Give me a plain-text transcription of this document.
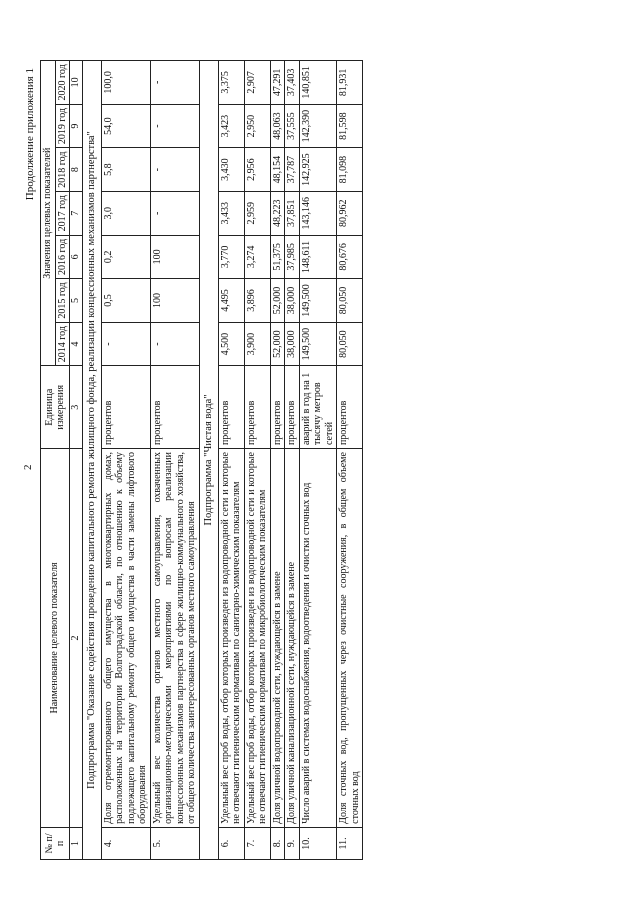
2
Продолжение приложения 1
№ п/п	Наименование целевого показателя	Единица измерения	Значения целевых показателей						
			2014 год	2015 год	2016 год	2017 год	2018 год	2019 год	2020 год
1	2	3	4	5	6	7	8	9	10
Подпрограмма "Оказание содействия проведению капитального ремонта жилищного фонда, реализации концессионных механизмов партнерства"									
4.	Доля отремонтированного общего имущества в многоквартирных домах, расположенных на территории Волгоградской области, по отношению к объему подлежащего капитальному ремонту общего имущества в части замены лифтового оборудования	процентов	-	0,5	0,2	3,0	5,8	54,0	100,0
5.	Удельный вес количества органов местного самоуправления, охваченных организационно-методическими мероприятиями по вопросам реализации концессионных механизмов партнерства в сфере жилищно-коммунального хозяйства, от общего количества заинтересованных органов местного самоуправления	процентов	-	100	100	-	-	-	-
Подпрограмма "Чистая вода"									
6.	Удельный вес проб воды, отбор которых произведен из водопроводной сети и которые не отвечают гигиеническим нормативам по санитарно-химическим показателям	процентов	4,500	4,495	3,770	3,433	3,430	3,423	3,375
7.	Удельный вес проб воды, отбор которых произведен из водопроводной сети и которые не отвечают гигиеническим нормативам по микробиологическим показателям	процентов	3,900	3,896	3,274	2,959	2,956	2,950	2,907
8.	Доля уличной водопроводной сети, нуждающейся в замене	процентов	52,000	52,000	51,375	48,223	48,154	48,063	47,291
9.	Доля уличной канализационной сети, нуждающейся в замене	процентов	38,000	38,000	37,985	37,851	37,787	37,555	37,403
10.	Число аварий в системах водоснабжения, водоотведения и очистки сточных вод	аварий в год на 1 тысячу метров сетей	149,500	149,500	148,611	143,146	142,925	142,390	140,851
11.	Доля сточных вод, пропущенных через очистные сооружения, в общем объеме сточных вод	процентов	80,050	80,050	80,676	80,962	81,098	81,598	81,931
